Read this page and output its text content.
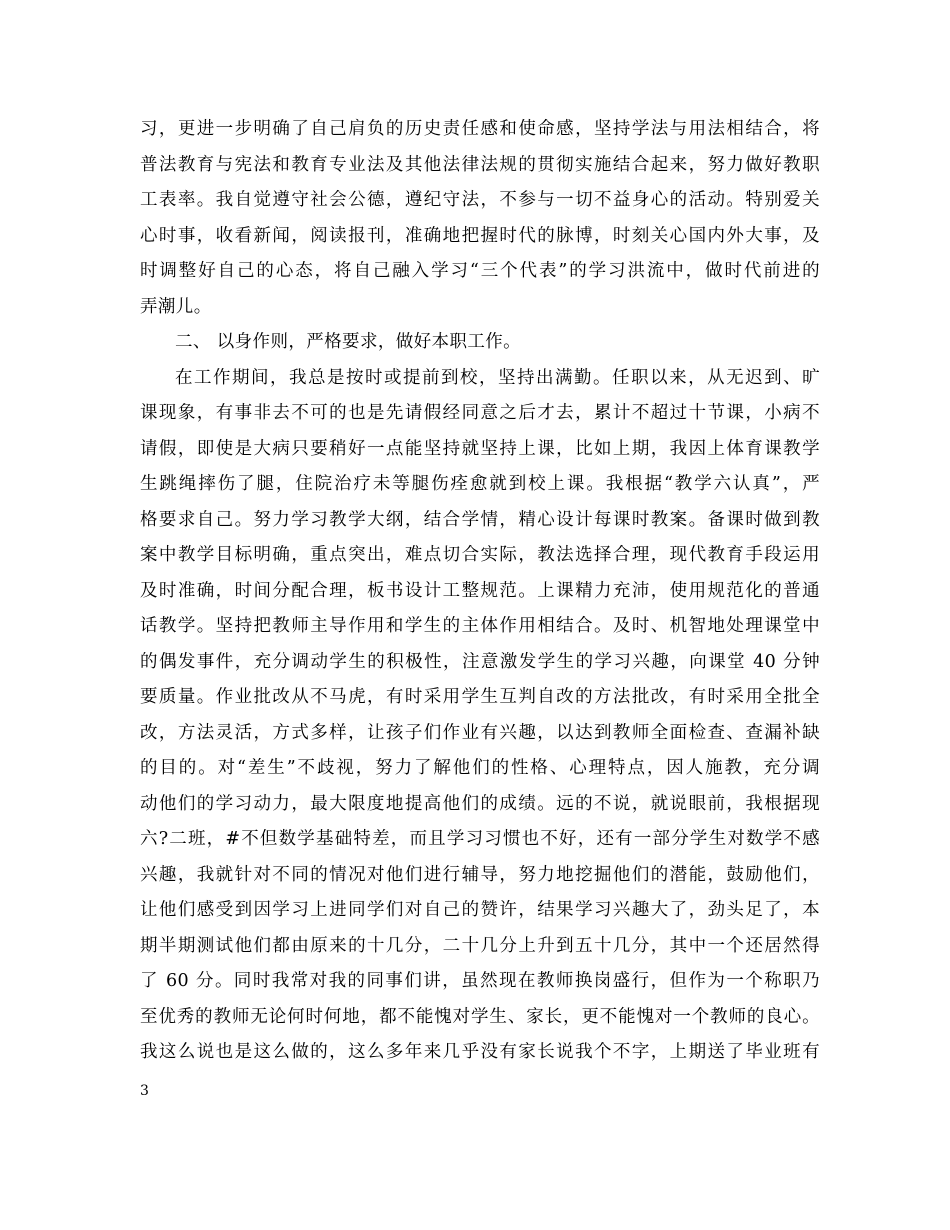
习，更进一步明确了自己肩负的历史责任感和使命感，坚持学法与用法相结合，将
普法教育与宪法和教育专业法及其他法律法规的贯彻实施结合起来，努力做好教职
工表率。我自觉遵守社会公德，遵纪守法，不参与一切不益身心的活动。特别爱关
心时事，收看新闻，阅读报刊，准确地把握时代的脉博，时刻关心国内外大事，及
时调整好自己的心态，将自己融入学习“三个代表”的学习洪流中，做时代前进的
弄潮儿。
二、 以身作则，严格要求，做好本职工作。
在工作期间，我总是按时或提前到校，坚持出满勤。任职以来，从无迟到、旷
课现象，有事非去不可的也是先请假经同意之后才去，累计不超过十节课，小病不
请假，即使是大病只要稍好一点能坚持就坚持上课，比如上期，我因上体育课教学
生跳绳摔伤了腿，住院治疗未等腿伤痊愈就到校上课。我根据“教学六认真”，严
格要求自己。努力学习教学大纲，结合学情，精心设计每课时教案。备课时做到教
案中教学目标明确，重点突出，难点切合实际，教法选择合理，现代教育手段运用
及时准确，时间分配合理，板书设计工整规范。上课精力充沛，使用规范化的普通
话教学。坚持把教师主导作用和学生的主体作用相结合。及时、机智地处理课堂中
的偶发事件，充分调动学生的积极性，注意激发学生的学习兴趣，向课堂 40 分钟
要质量。作业批改从不马虎，有时采用学生互判自改的方法批改，有时采用全批全
改，方法灵活，方式多样，让孩子们作业有兴趣，以达到教师全面检查、查漏补缺
的目的。对“差生”不歧视，努力了解他们的性格、心理特点，因人施教，充分调
动他们的学习动力，最大限度地提高他们的成绩。远的不说，就说眼前，我根据现
六?二班，#不但数学基础特差，而且学习习惯也不好，还有一部分学生对数学不感
兴趣，我就针对不同的情况对他们进行辅导，努力地挖掘他们的潜能，鼓励他们，
让他们感受到因学习上进同学们对自己的赞许，结果学习兴趣大了，劲头足了，本
期半期测试他们都由原来的十几分，二十几分上升到五十几分，其中一个还居然得
了 60 分。同时我常对我的同事们讲，虽然现在教师换岗盛行，但作为一个称职乃
至优秀的教师无论何时何地，都不能愧对学生、家长，更不能愧对一个教师的良心。
我这么说也是这么做的，这么多年来几乎没有家长说我个不字，上期送了毕业班有
3
